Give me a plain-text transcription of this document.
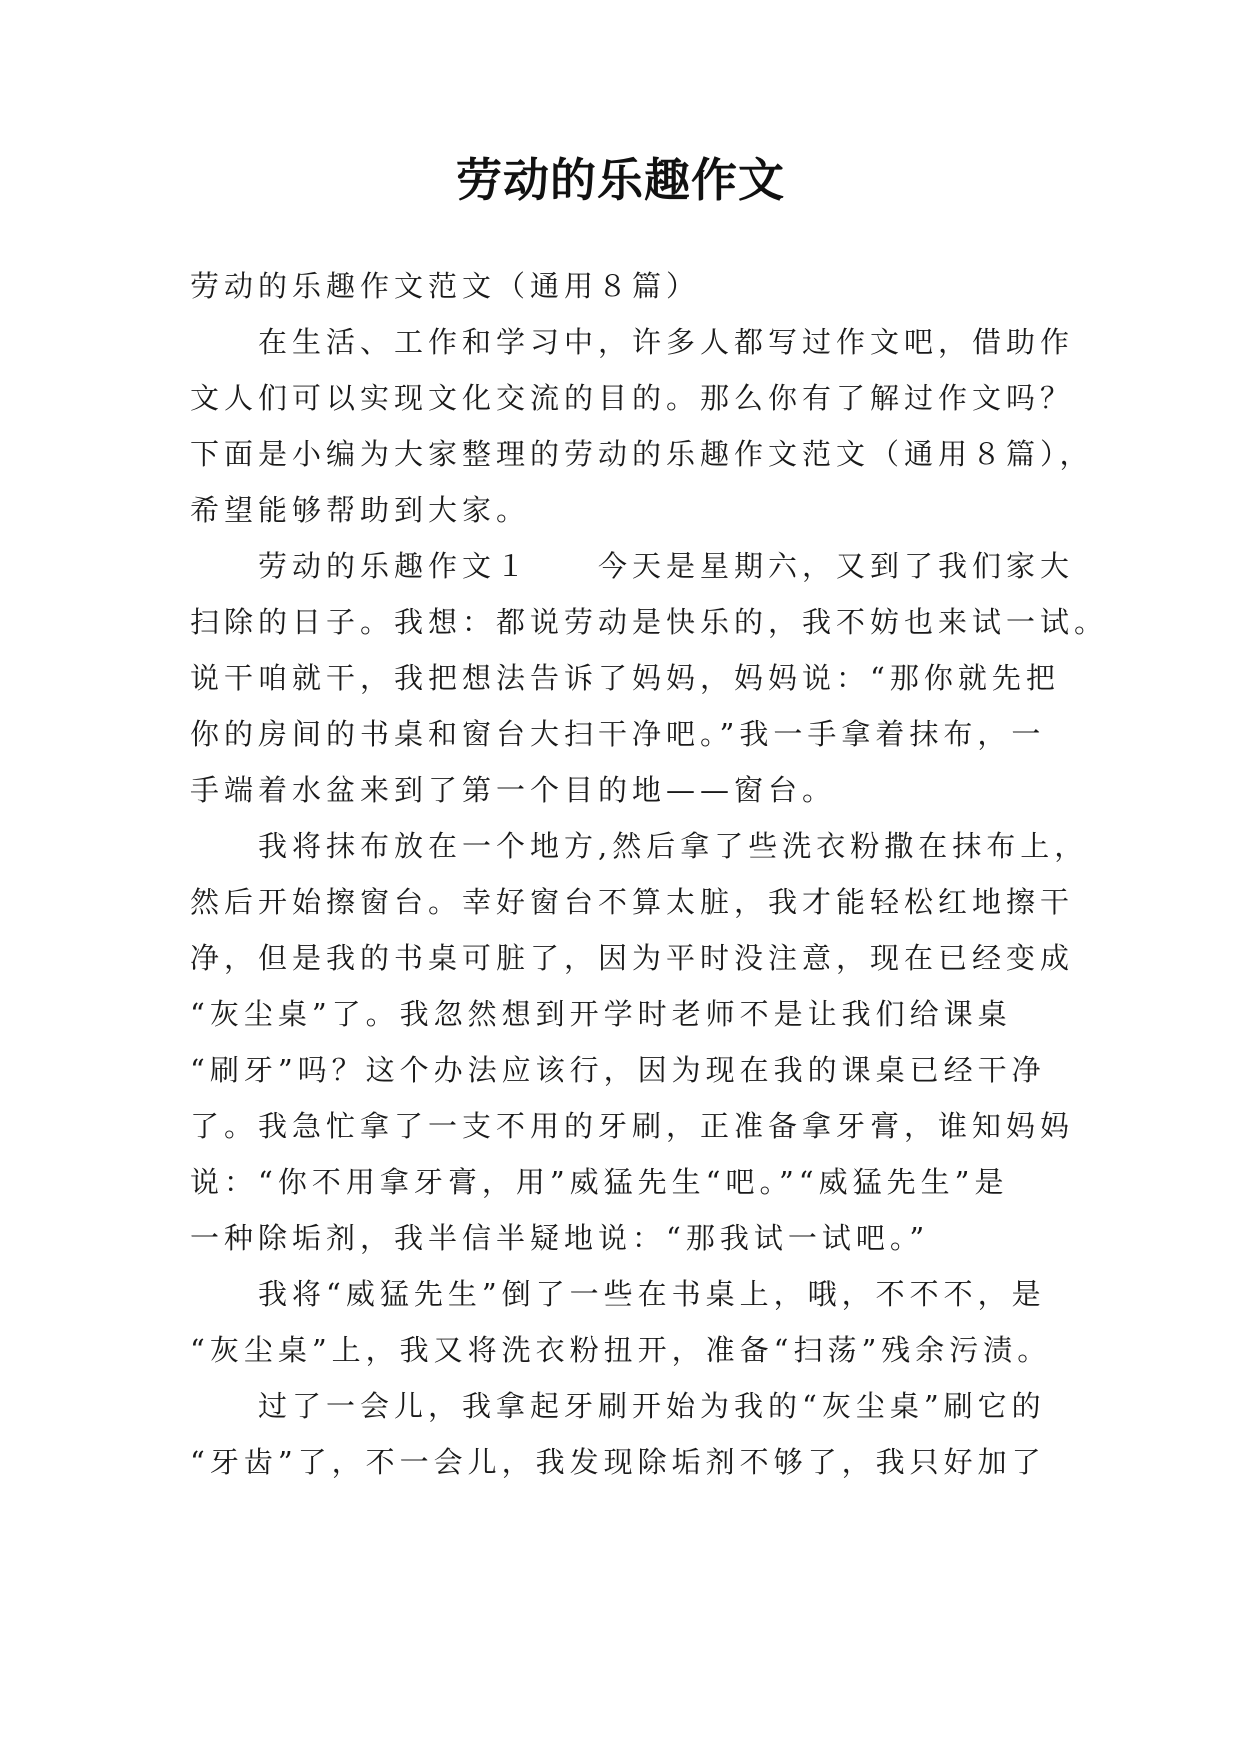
劳动的乐趣作文
劳动的乐趣作文范文（通用８篇）
在生活、工作和学习中，许多人都写过作文吧，借助作
文人们可以实现文化交流的目的。那么你有了解过作文吗？
下面是小编为大家整理的劳动的乐趣作文范文（通用８篇），
希望能够帮助到大家。
劳动的乐趣作文１　　今天是星期六，又到了我们家大
扫除的日子。我想：都说劳动是快乐的，我不妨也来试一试。
说干咱就干，我把想法告诉了妈妈，妈妈说：“那你就先把
你的房间的书桌和窗台大扫干净吧。”我一手拿着抹布，一
手端着水盆来到了第一个目的地——窗台。
我将抹布放在一个地方,然后拿了些洗衣粉撒在抹布上，
然后开始擦窗台。幸好窗台不算太脏，我才能轻松红地擦干
净，但是我的书桌可脏了，因为平时没注意，现在已经变成
“灰尘桌”了。我忽然想到开学时老师不是让我们给课桌
“刷牙”吗？这个办法应该行，因为现在我的课桌已经干净
了。我急忙拿了一支不用的牙刷，正准备拿牙膏，谁知妈妈
说：“你不用拿牙膏，用”威猛先生“吧。”“威猛先生”是
一种除垢剂，我半信半疑地说：“那我试一试吧。”
我将“威猛先生”倒了一些在书桌上，哦，不不不，是
“灰尘桌”上，我又将洗衣粉扭开，准备“扫荡”残余污渍。
过了一会儿，我拿起牙刷开始为我的“灰尘桌”刷它的
“牙齿”了，不一会儿，我发现除垢剂不够了，我只好加了
